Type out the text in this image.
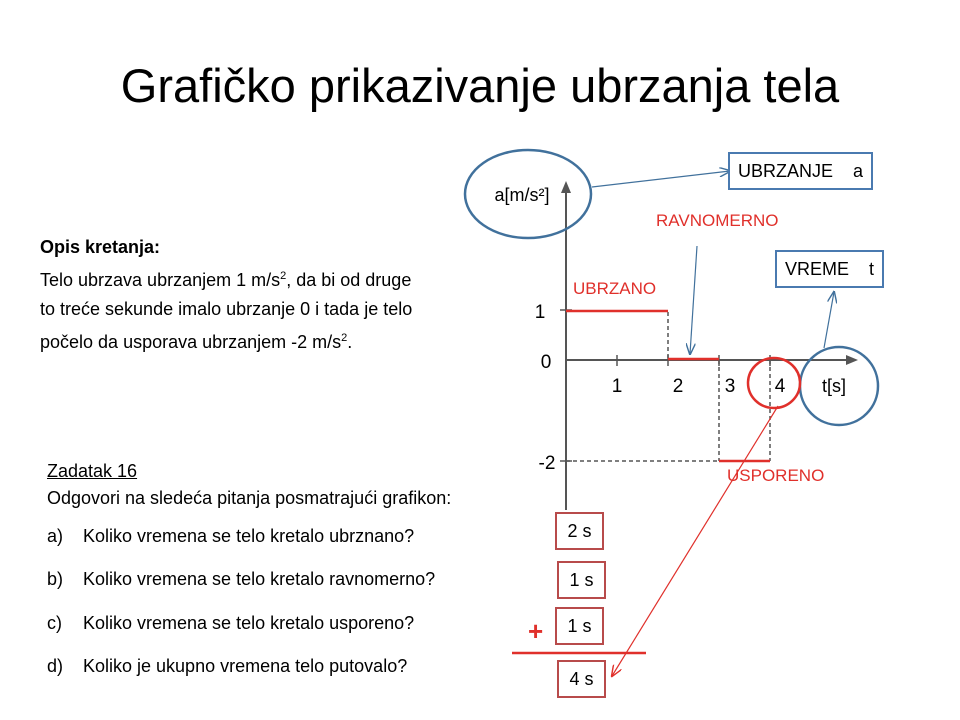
Grafičko prikazivanje ubrzanja tela
Opis kretanja:
Telo ubrzava ubrzanjem 1 $m/s^2$, da bi od druge
to treće sekunde imalo ubrzanje 0 i tada je telo
počelo da usporava ubrzanjem -2 $m/s^2$.
Zadatak 16
Odgovori na sledeća pitanja posmatrajući grafikon:
a) Koliko vremena se telo kretalo ubrznano?
b) Koliko vremena se telo kretalo ravnomerno?
c) Koliko vremena se telo kretalo usporeno?
d) Koliko je ukupno vremena telo putovalo?
1
0
-2
1	2 3 4
a[m/s²]
t[s]
RAVNOMERNO
UBRZANO
USPORENO
UBRZANJE    a
VREME    t
2 s
1 s
1 s
4 s
+
